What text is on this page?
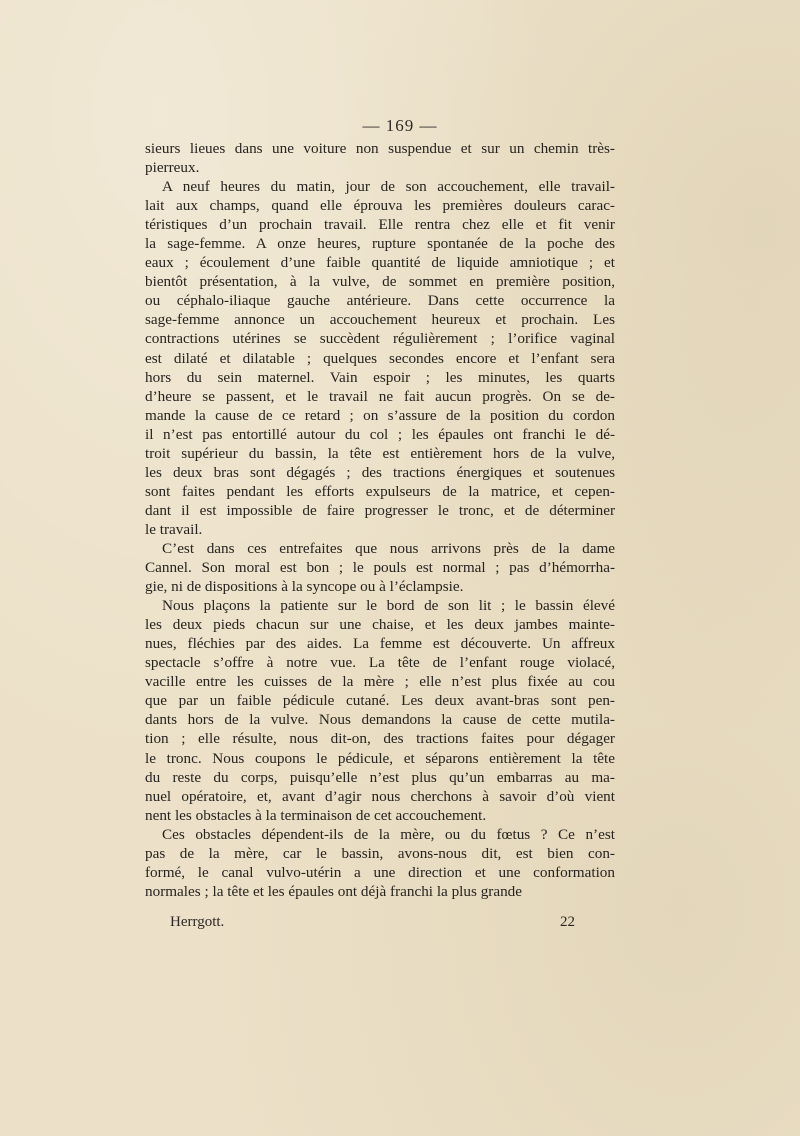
— 169 —

sieurs lieues dans une voiture non suspendue et sur un chemin très-
pierreux.

A neuf heures du matin, jour de son accouchement, elle travail-
lait aux champs, quand elle éprouva les premières douleurs carac-
téristiques d’un prochain travail. Elle rentra chez elle et fit venir
la sage-femme. A onze heures, rupture spontanée de la poche des
eaux ; écoulement d’une faible quantité de liquide amniotique ; et
bientôt présentation, à la vulve, de sommet en première position,
ou céphalo-iliaque gauche antérieure. Dans cette occurrence la
sage-femme annonce un accouchement heureux et prochain. Les
contractions utérines se succèdent régulièrement ; l’orifice vaginal
est dilaté et dilatable ; quelques secondes encore et l’enfant sera
hors du sein maternel. Vain espoir ; les minutes, les quarts
d’heure se passent, et le travail ne fait aucun progrès. On se de-
mande la cause de ce retard ; on s’assure de la position du cordon
il n’est pas entortillé autour du col ; les épaules ont franchi le dé-
troit supérieur du bassin, la tête est entièrement hors de la vulve,
les deux bras sont dégagés ; des tractions énergiques et soutenues
sont faites pendant les efforts expulseurs de la matrice, et cepen-
dant il est impossible de faire progresser le tronc, et de déterminer
le travail.

C’est dans ces entrefaites que nous arrivons près de la dame
Cannel. Son moral est bon ; le pouls est normal ; pas d’hémorrha-
gie, ni de dispositions à la syncope ou à l’éclampsie.

Nous plaçons la patiente sur le bord de son lit ; le bassin élevé
les deux pieds chacun sur une chaise, et les deux jambes mainte-
nues, fléchies par des aides. La femme est découverte. Un affreux
spectacle s’offre à notre vue. La tête de l’enfant rouge violacé,
vacille entre les cuisses de la mère ; elle n’est plus fixée au cou
que par un faible pédicule cutané. Les deux avant-bras sont pen-
dants hors de la vulve. Nous demandons la cause de cette mutila-
tion ; elle résulte, nous dit-on, des tractions faites pour dégager
le tronc. Nous coupons le pédicule, et séparons entièrement la tête
du reste du corps, puisqu’elle n’est plus qu’un embarras au ma-
nuel opératoire, et, avant d’agir nous cherchons à savoir d’où vient
nent les obstacles à la terminaison de cet accouchement.

Ces obstacles dépendent-ils de la mère, ou du fœtus ? Ce n’est
pas de la mère, car le bassin, avons-nous dit, est bien con-
formé, le canal vulvo-utérin a une direction et une conformation
normales ; la tête et les épaules ont déjà franchi la plus grande

Herrgott.	22
